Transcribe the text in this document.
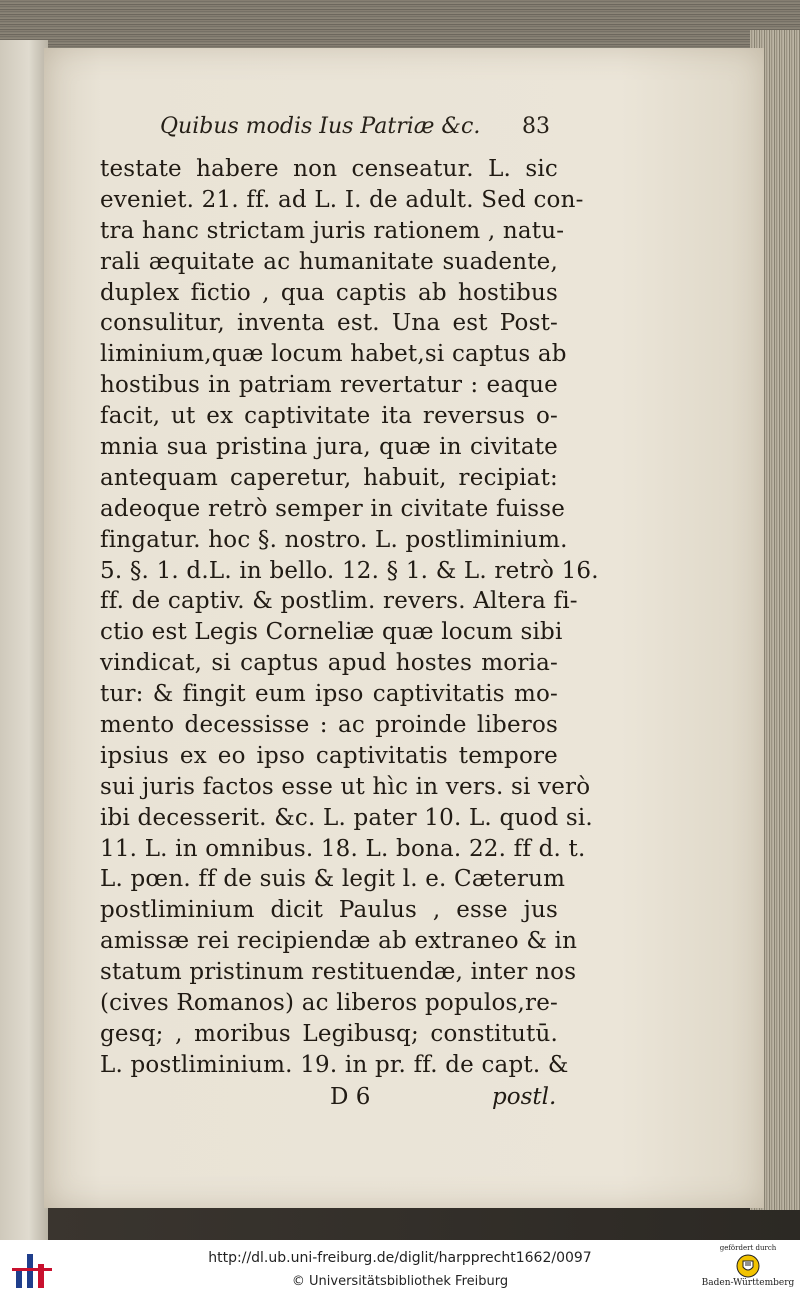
Quibus modis Ius Patriæ &c. 83
testate habere non censeatur. L. sic
eveniet. 21. ff. ad L. I. de adult. Sed con-
tra hanc strictam juris rationem , natu-
rali æquitate ac humanitate suadente,
duplex fictio , qua captis ab hostibus
consulitur, inventa est. Una est Post-
liminium,quæ locum habet,si captus ab
hostibus in patriam revertatur : eaque
facit, ut ex captivitate ita reversus o-
mnia sua pristina jura, quæ in civitate
antequam caperetur, habuit, recipiat:
adeoque retrò semper in civitate fuisse
fingatur. hoc §. nostro. L. postliminium.
5. §. 1. d.L. in bello. 12. § 1. & L. retrò 16.
ff. de captiv. & postlim. revers. Altera fi-
ctio est Legis Corneliæ quæ locum sibi
vindicat, si captus apud hostes moria-
tur: & fingit eum ipso captivitatis mo-
mento decessisse : ac proinde liberos
ipsius ex eo ipso captivitatis tempore
sui juris factos esse ut hìc in vers. si verò
ibi decesserit. &c. L. pater 10. L. quod si.
11. L. in omnibus. 18. L. bona. 22. ff d. t.
L. pœn. ff de suis & legit l. e. Cæterum
postliminium dicit Paulus , esse jus
amissæ rei recipiendæ ab extraneo & in
statum pristinum restituendæ, inter nos
(cives Romanos) ac liberos populos,re-
gesq; , moribus Legibusq; constitutū.
L. postliminium. 19. in pr. ff. de capt. &
D 6	postl.
http://dl.ub.uni-freiburg.de/diglit/harpprecht1662/0097
© Universitätsbibliothek Freiburg
gefördert durch
Baden-Württemberg
